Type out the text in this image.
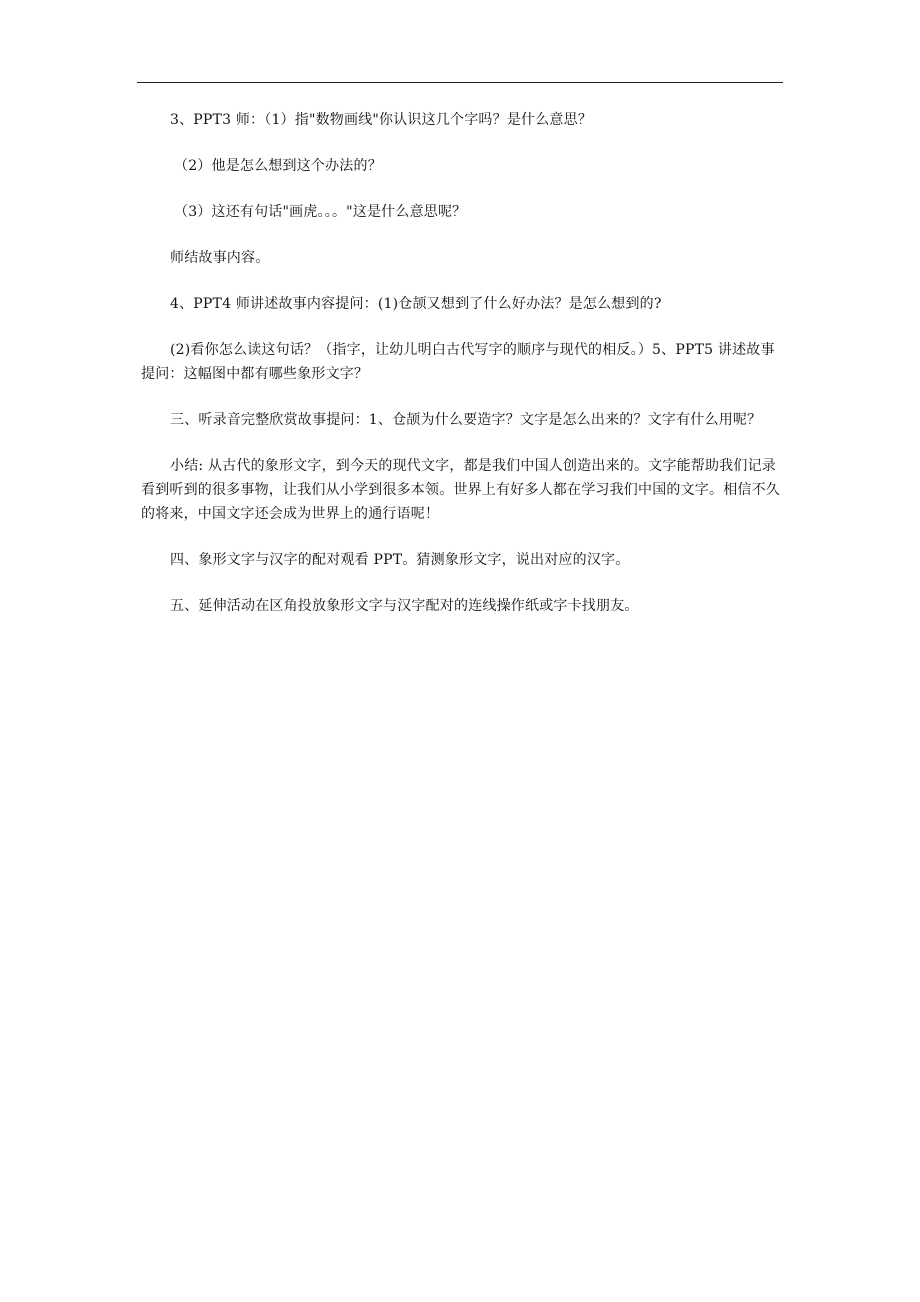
3、PPT3 师：（1）指"数物画线"你认识这几个字吗？是什么意思？

（2）他是怎么想到这个办法的？

（3）这还有句话"画虎。。。"这是什么意思呢？

师结故事内容。

4、PPT4 师讲述故事内容提问：(1)仓颉又想到了什么好办法？是怎么想到的?

(2)看你怎么读这句话？（指字，让幼儿明白古代写字的顺序与现代的相反。）5、PPT5 讲述故事提问：这幅图中都有哪些象形文字？

三、听录音完整欣赏故事提问：1、仓颉为什么要造字？文字是怎么出来的？文字有什么用呢？

小结: 从古代的象形文字，到今天的现代文字，都是我们中国人创造出来的。文字能帮助我们记录看到听到的很多事物，让我们从小学到很多本领。世界上有好多人都在学习我们中国的文字。相信不久的将来，中国文字还会成为世界上的通行语呢！

四、象形文字与汉字的配对观看 PPT。猜测象形文字，说出对应的汉字。

五、延伸活动在区角投放象形文字与汉字配对的连线操作纸或字卡找朋友。
